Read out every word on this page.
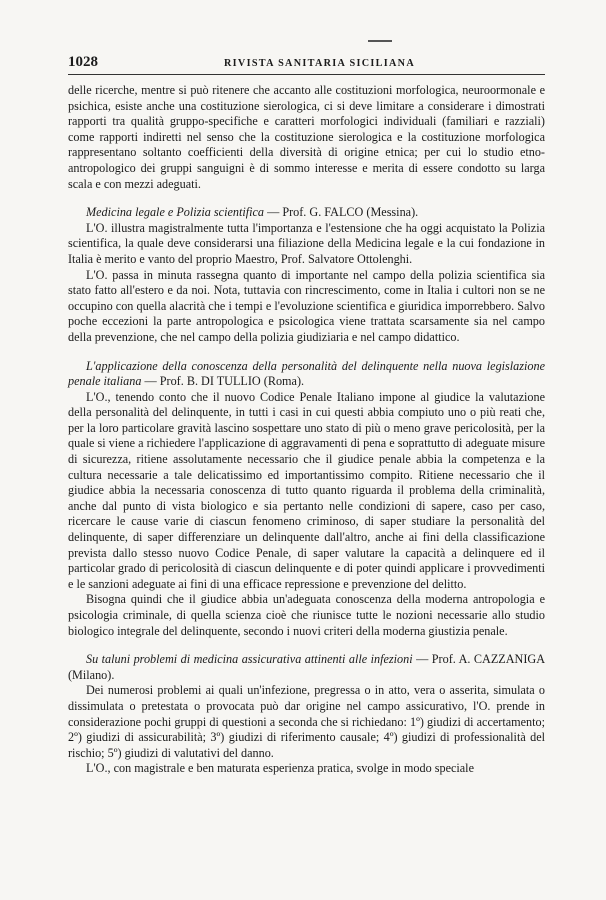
1028	RIVISTA SANITARIA SICILIANA

delle ricerche, mentre si può ritenere che accanto alle costituzioni morfologica, neuroormonale e psichica, esiste anche una costituzione sierologica, ci si deve limitare a considerare i dimostrati rapporti tra qualità gruppo-specifiche e caratteri morfologici individuali (familiari e razziali) come rapporti indiretti nel senso che la costituzione sierologica e la costituzione morfologica rappresentano soltanto coefficienti della diversità di origine etnica; per cui lo studio etno-antropologico dei gruppi sanguigni è di sommo interesse e merita di essere condotto su larga scala e con mezzi adeguati.

Medicina legale e Polizia scientifica — Prof. G. FALCO (Messina).

L'O. illustra magistralmente tutta l'importanza e l'estensione che ha oggi acquistato la Polizia scientifica, la quale deve considerarsi una filiazione della Medicina legale e la cui fondazione in Italia è merito e vanto del proprio Maestro, Prof. Salvatore Ottolenghi.

L'O. passa in minuta rassegna quanto di importante nel campo della polizia scientifica sia stato fatto all'estero e da noi. Nota, tuttavia con rincrescimento, come in Italia i cultori non se ne occupino con quella alacrità che i tempi e l'evoluzione scientifica e giuridica imporrebbero. Salvo poche eccezioni la parte antropologica e psicologica viene trattata scarsamente sia nel campo della prevenzione, che nel campo della polizia giudiziaria e nel campo didattico.

L'applicazione della conoscenza della personalità del delinquente nella nuova legislazione penale italiana — Prof. B. DI TULLIO (Roma).

L'O., tenendo conto che il nuovo Codice Penale Italiano impone al giudice la valutazione della personalità del delinquente, in tutti i casi in cui questi abbia compiuto uno o più reati che, per la loro particolare gravità lascino sospettare uno stato di più o meno grave pericolosità, per la quale si viene a richiedere l'applicazione di aggravamenti di pena e soprattutto di adeguate misure di sicurezza, ritiene assolutamente necessario che il giudice penale abbia la competenza e la cultura necessarie a tale delicatissimo ed importantissimo compito. Ritiene necessario che il giudice abbia la necessaria conoscenza di tutto quanto riguarda il problema della criminalità, anche dal punto di vista biologico e sia pertanto nelle condizioni di sapere, caso per caso, ricercare le cause varie di ciascun fenomeno criminoso, di saper studiare la personalità del delinquente, di saper differenziare un delinquente dall'altro, anche ai fini della classificazione prevista dallo stesso nuovo Codice Penale, di saper valutare la capacità a delinquere ed il particolar grado di pericolosità di ciascun delinquente e di poter quindi applicare i provvedimenti e le sanzioni adeguate ai fini di una efficace repressione e prevenzione del delitto.

Bisogna quindi che il giudice abbia un'adeguata conoscenza della moderna antropologia e psicologia criminale, di quella scienza cioè che riunisce tutte le nozioni necessarie allo studio biologico integrale del delinquente, secondo i nuovi criteri della moderna giustizia penale.

Su taluni problemi di medicina assicurativa attinenti alle infezioni — Prof. A. CAZZANIGA (Milano).

Dei numerosi problemi ai quali un'infezione, pregressa o in atto, vera o asserita, simulata o dissimulata o pretestata o provocata può dar origine nel campo assicurativo, l'O. prende in considerazione pochi gruppi di questioni a seconda che si richiedano: 1º) giudizi di accertamento; 2º) giudizi di assicurabilità; 3º) giudizi di riferimento causale; 4º) giudizi di professionalità del rischio; 5º) giudizi di valutativi del danno.

L'O., con magistrale e ben maturata esperienza pratica, svolge in modo speciale
